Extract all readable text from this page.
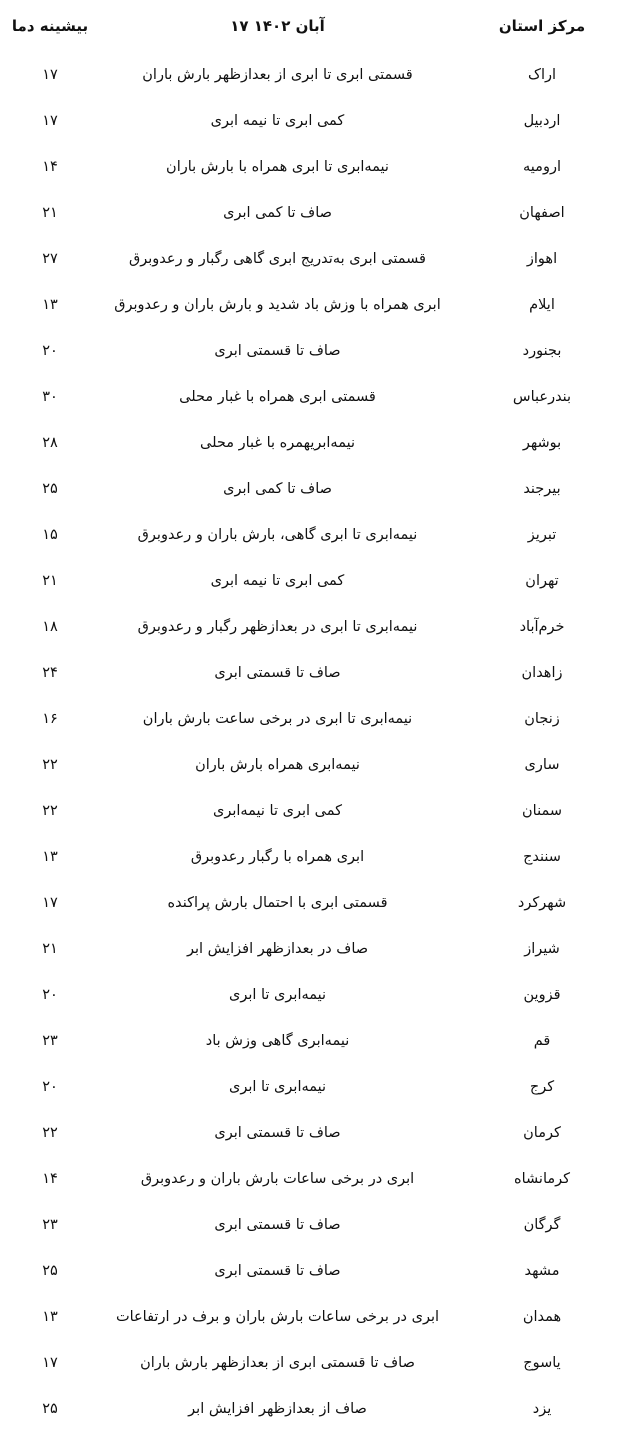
مرکز استان
آبان ۱۴۰۲ ۱۷
بیشینه دما
اراک
قسمتی ابری تا ابری از بعدازظهر بارش باران
۱۷
اردبیل
کمی ابری تا نیمه ابری
۱۷
ارومیه
نیمه‌ابری تا ابری همراه با بارش باران
۱۴
اصفهان
صاف تا کمی ابری
۲۱
اهواز
قسمتی ابری به‌تدریج ابری گاهی رگبار و رعدوبرق
۲۷
ایلام
ابری همراه با وزش باد شدید و بارش باران و رعدوبرق
۱۳
بجنورد
صاف تا قسمتی ابری
۲۰
بندرعباس
قسمتی ابری همراه با غبار محلی
۳۰
بوشهر
نیمه‌ابریهمره با غبار محلی
۲۸
بیرجند
صاف تا کمی ابری
۲۵
تبریز
نیمه‌ابری تا ابری گاهی، بارش باران و رعدوبرق
۱۵
تهران
کمی ابری تا نیمه ابری
۲۱
خرم‌آباد
نیمه‌ابری تا ابری در بعدازظهر رگبار و رعدوبرق
۱۸
زاهدان
صاف تا قسمتی ابری
۲۴
زنجان
نیمه‌ابری تا ابری در برخی ساعت بارش باران
۱۶
ساری
نیمه‌ابری همراه بارش باران
۲۲
سمنان
کمی ابری تا نیمه‌ابری
۲۲
سنندج
ابری همراه با رگبار رعدوبرق
۱۳
شهرکرد
قسمتی ابری با احتمال بارش پراکنده
۱۷
شیراز
صاف در بعدازظهر افزایش ابر
۲۱
قزوین
نیمه‌ابری تا ابری
۲۰
قم
نیمه‌ابری گاهی وزش باد
۲۳
کرج
نیمه‌ابری تا ابری
۲۰
کرمان
صاف تا قسمتی ابری
۲۲
کرمانشاه
ابری در برخی ساعات بارش باران و رعدوبرق
۱۴
گرگان
صاف تا قسمتی ابری
۲۳
مشهد
صاف تا قسمتی ابری
۲۵
همدان
ابری در برخی ساعات بارش باران و برف در ارتفاعات
۱۳
یاسوج
صاف تا قسمتی ابری از بعدازظهر بارش باران
۱۷
یزد
صاف از بعدازظهر افزایش ابر
۲۵
